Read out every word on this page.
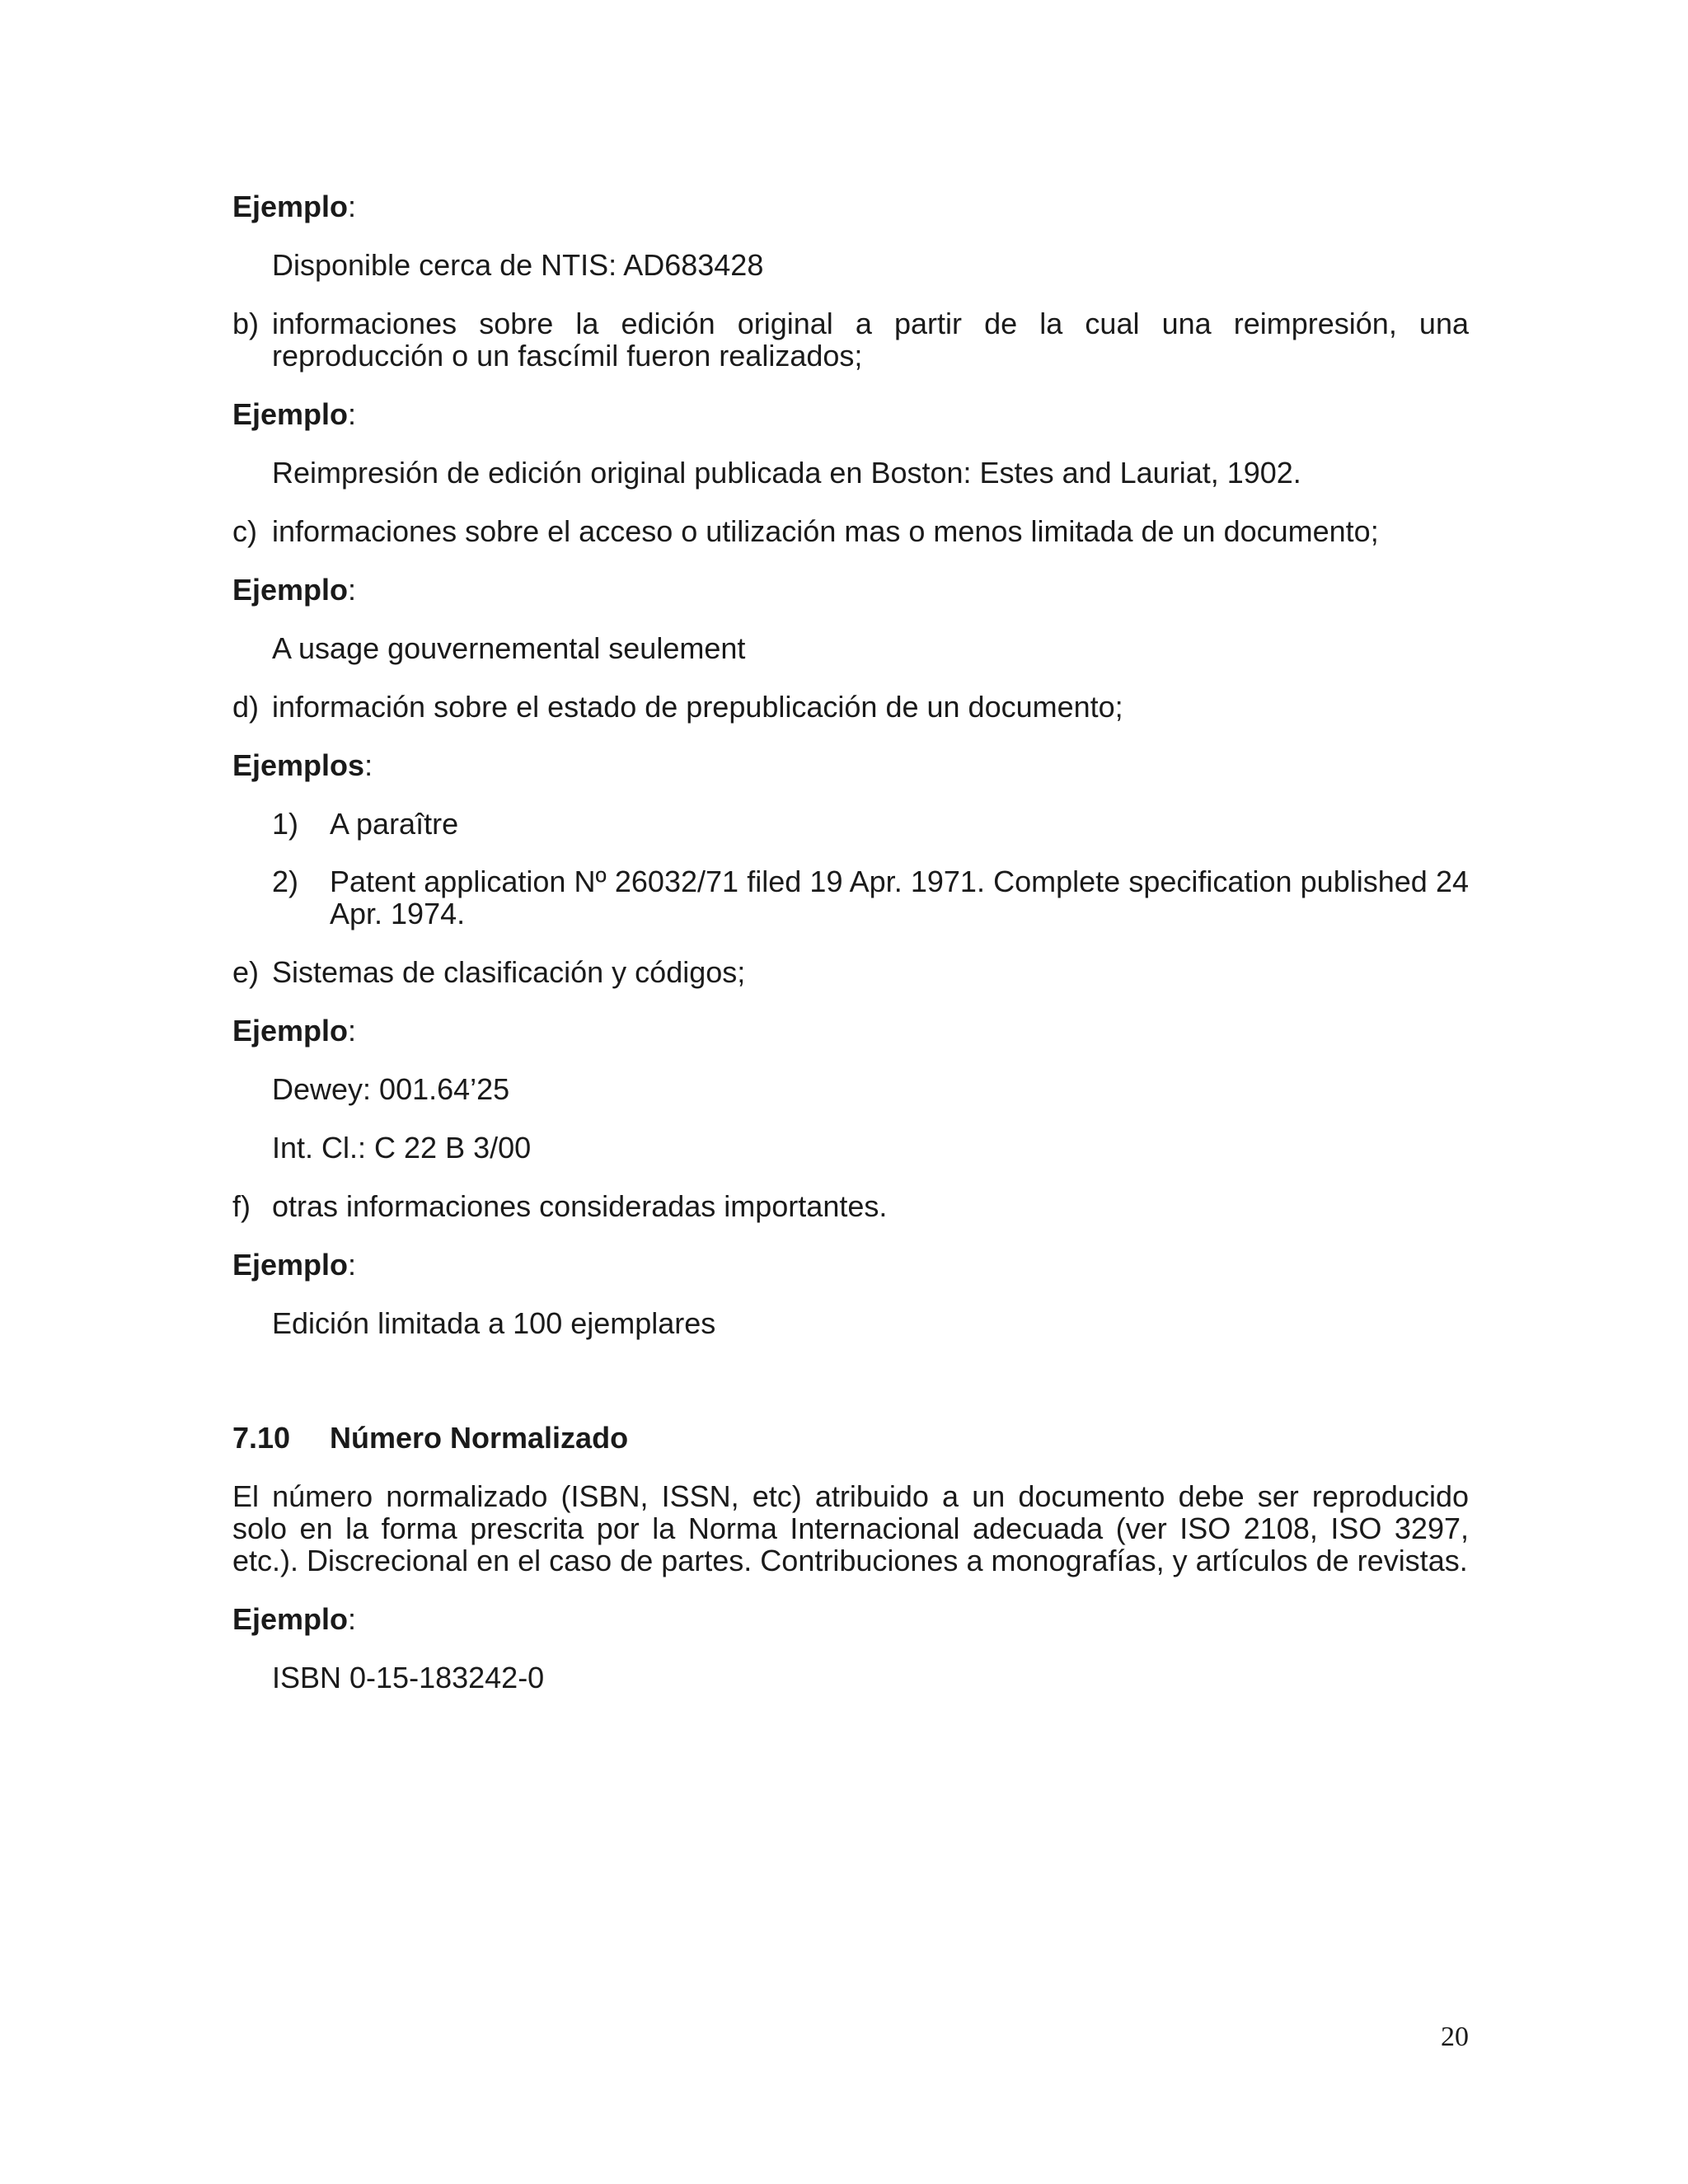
Ejemplo:
Disponible cerca de NTIS: AD683428
b) informaciones sobre la edición original a partir de la cual una reimpresión, una reproducción o un fascímil fueron realizados;
Ejemplo:
Reimpresión de edición original publicada en Boston: Estes and Lauriat, 1902.
c) informaciones sobre el acceso o utilización mas o menos limitada de un documento;
Ejemplo:
A usage gouvernemental seulement
d) información sobre el estado de prepublicación de un documento;
Ejemplos:
1)	A paraître
2)	Patent application Nº 26032/71 filed 19 Apr. 1971. Complete specification published 24 Apr. 1974.
e) Sistemas de clasificación y códigos;
Ejemplo:
Dewey: 001.64’25
Int. Cl.: C 22 B 3/00
f) otras informaciones consideradas importantes.
Ejemplo:
Edición limitada a 100 ejemplares
7.10	Número Normalizado
El número normalizado (ISBN, ISSN, etc) atribuido a un documento debe ser reproducido solo en la forma prescrita por la Norma Internacional adecuada (ver ISO 2108, ISO 3297, etc.). Discrecional en el caso de partes. Contribuciones a monografías, y artículos de revistas.
Ejemplo:
ISBN 0-15-183242-0
20
